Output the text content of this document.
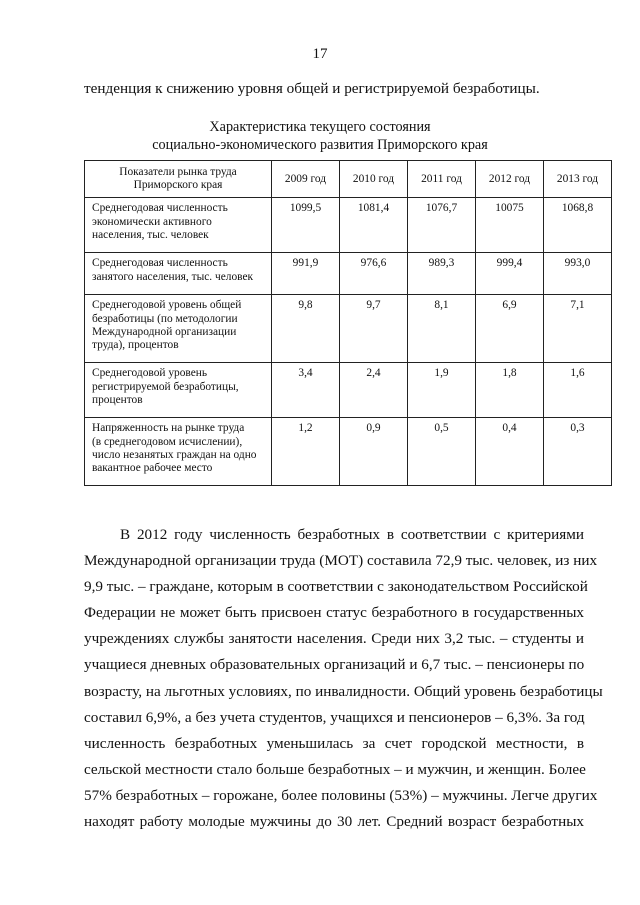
17
тенденция к снижению уровня общей и регистрируемой безработицы.
Характеристика текущего состояния
социально-экономического развития Приморского края
Показатели рынка труда
Приморского края	2009 год	2010 год	2011 год	2012 год	2013 год
Среднегодовая численность
экономически активного
населения, тыс. человек	1099,5	1081,4	1076,7	10075	1068,8
Среднегодовая численность
занятого населения, тыс. человек	991,9	976,6	989,3	999,4	993,0
Среднегодовой уровень общей
безработицы (по методологии
Международной организации
труда), процентов	9,8	9,7	8,1	6,9	7,1
Среднегодовой уровень
регистрируемой безработицы,
процентов	3,4	2,4	1,9	1,8	1,6
Напряженность на рынке труда
(в среднегодовом исчислении),
число незанятых граждан на одно
вакантное рабочее место	1,2	0,9	0,5	0,4	0,3
В 2012 году численность безработных в соответствии с критериями
Международной организации труда (МОТ) составила 72,9 тыс. человек, из них
9,9 тыс. – граждане, которым в соответствии с законодательством Российской
Федерации не может быть присвоен статус безработного в государственных
учреждениях службы занятости населения. Среди них 3,2 тыс. – студенты и
учащиеся дневных образовательных организаций и 6,7 тыс. – пенсионеры по
возрасту, на льготных условиях, по инвалидности. Общий уровень безработицы
составил 6,9%, а без учета студентов, учащихся и пенсионеров – 6,3%. За год
численность безработных уменьшилась за счет городской местности, в
сельской местности стало больше безработных – и мужчин, и женщин. Более
57% безработных – горожане, более половины (53%) – мужчины. Легче других
находят работу молодые мужчины до 30 лет. Средний возраст безработных
